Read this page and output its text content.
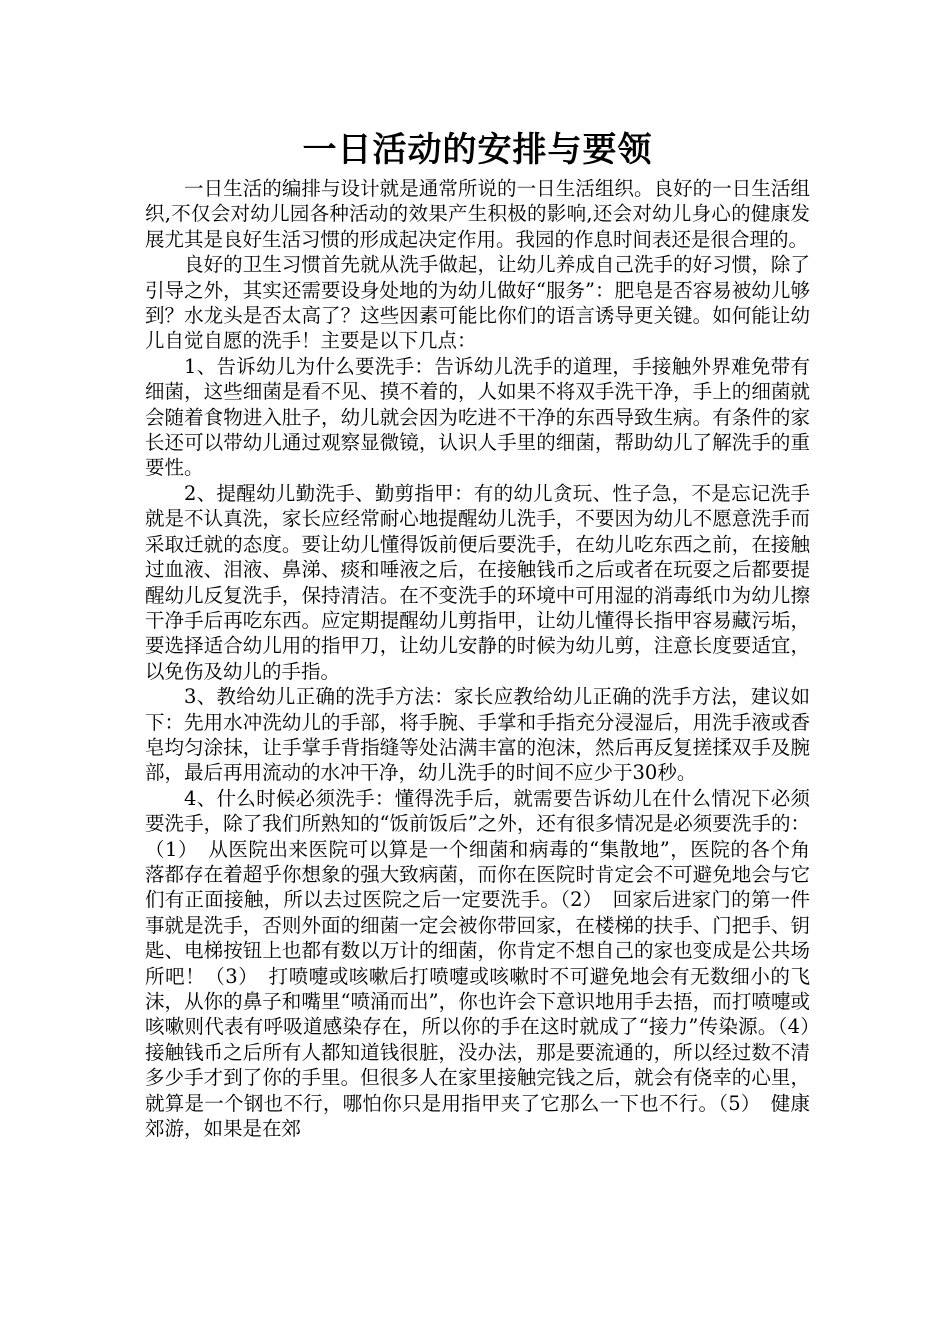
一日活动的安排与要领

一日生活的编排与设计就是通常所说的一日生活组织。良好的一日生活组织,不仅会对幼儿园各种活动的效果产生积极的影响,还会对幼儿身心的健康发展尤其是良好生活习惯的形成起决定作用。我园的作息时间表还是很合理的。

良好的卫生习惯首先就从洗手做起，让幼儿养成自己洗手的好习惯，除了引导之外，其实还需要设身处地的为幼儿做好“服务”：肥皂是否容易被幼儿够到？水龙头是否太高了？这些因素可能比你们的语言诱导更关键。如何能让幼儿自觉自愿的洗手！主要是以下几点：

1、告诉幼儿为什么要洗手：告诉幼儿洗手的道理，手接触外界难免带有细菌，这些细菌是看不见、摸不着的，人如果不将双手洗干净，手上的细菌就会随着食物进入肚子，幼儿就会因为吃进不干净的东西导致生病。有条件的家长还可以带幼儿通过观察显微镜，认识人手里的细菌，帮助幼儿了解洗手的重要性。

2、提醒幼儿勤洗手、勤剪指甲：有的幼儿贪玩、性子急，不是忘记洗手就是不认真洗，家长应经常耐心地提醒幼儿洗手，不要因为幼儿不愿意洗手而采取迁就的态度。要让幼儿懂得饭前便后要洗手，在幼儿吃东西之前，在接触过血液、泪液、鼻涕、痰和唾液之后，在接触钱币之后或者在玩耍之后都要提醒幼儿反复洗手，保持清洁。在不变洗手的环境中可用湿的消毒纸巾为幼儿擦干净手后再吃东西。应定期提醒幼儿剪指甲，让幼儿懂得长指甲容易藏污垢，要选择适合幼儿用的指甲刀，让幼儿安静的时候为幼儿剪，注意长度要适宜，以免伤及幼儿的手指。

3、教给幼儿正确的洗手方法：家长应教给幼儿正确的洗手方法，建议如下：先用水冲洗幼儿的手部，将手腕、手掌和手指充分浸湿后，用洗手液或香皂均匀涂抹，让手掌手背指缝等处沾满丰富的泡沫，然后再反复搓揉双手及腕部，最后再用流动的水冲干净，幼儿洗手的时间不应少于30秒。

4、什么时候必须洗手：懂得洗手后，就需要告诉幼儿在什么情况下必须要洗手，除了我们所熟知的“饭前饭后”之外，还有很多情况是必须要洗手的：（1）　从医院出来医院可以算是一个细菌和病毒的“集散地”，医院的各个角落都存在着超乎你想象的强大致病菌，而你在医院时肯定会不可避免地会与它们有正面接触，所以去过医院之后一定要洗手。（2）　回家后进家门的第一件事就是洗手，否则外面的细菌一定会被你带回家，在楼梯的扶手、门把手、钥匙、电梯按钮上也都有数以万计的细菌，你肯定不想自己的家也变成是公共场所吧！（3）　打喷嚏或咳嗽后打喷嚏或咳嗽时不可避免地会有无数细小的飞沫，从你的鼻子和嘴里“喷涌而出”，你也许会下意识地用手去捂，而打喷嚏或咳嗽则代表有呼吸道感染存在，所以你的手在这时就成了“接力”传染源。（4）　接触钱币之后所有人都知道钱很脏，没办法，那是要流通的，所以经过数不清多少手才到了你的手里。但很多人在家里接触完钱之后，就会有侥幸的心里，就算是一个钢也不行，哪怕你只是用指甲夹了它那么一下也不行。（5）　健康郊游，如果是在郊
